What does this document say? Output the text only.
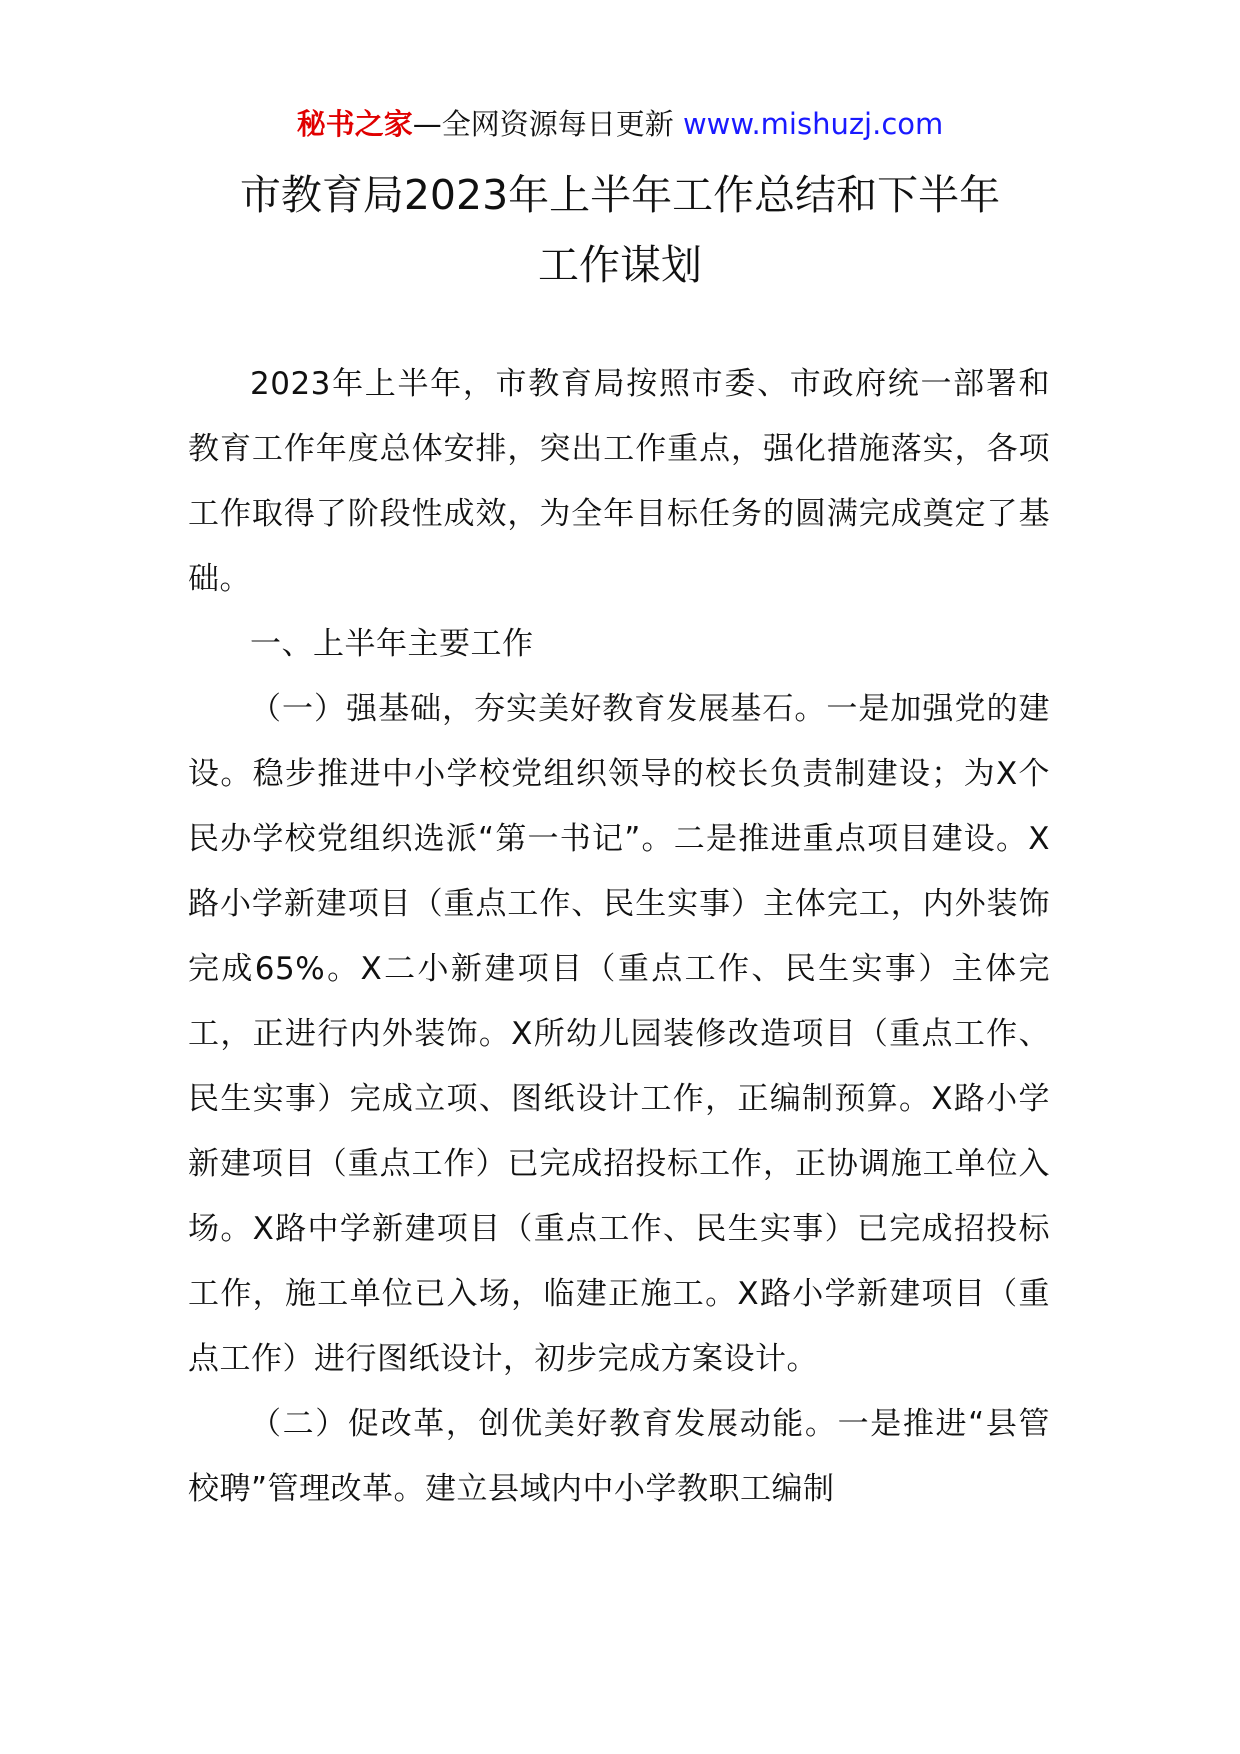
秘书之家—全网资源每日更新 www.mishuzj.com
市教育局2023年上半年工作总结和下半年
工作谋划

2023年上半年，市教育局按照市委、市政府统一部署和教育工作年度总体安排，突出工作重点，强化措施落实，各项工作取得了阶段性成效，为全年目标任务的圆满完成奠定了基础。

一、上半年主要工作

（一）强基础，夯实美好教育发展基石。一是加强党的建设。稳步推进中小学校党组织领导的校长负责制建设；为X个民办学校党组织选派“第一书记”。二是推进重点项目建设。X路小学新建项目（重点工作、民生实事）主体完工，内外装饰完成65%。X二小新建项目（重点工作、民生实事）主体完工，正进行内外装饰。X所幼儿园装修改造项目（重点工作、民生实事）完成立项、图纸设计工作，正编制预算。X路小学新建项目（重点工作）已完成招投标工作，正协调施工单位入场。X路中学新建项目（重点工作、民生实事）已完成招投标工作，施工单位已入场，临建正施工。X路小学新建项目（重点工作）进行图纸设计，初步完成方案设计。

（二）促改革，创优美好教育发展动能。一是推进“县管校聘”管理改革。建立县域内中小学教职工编制
